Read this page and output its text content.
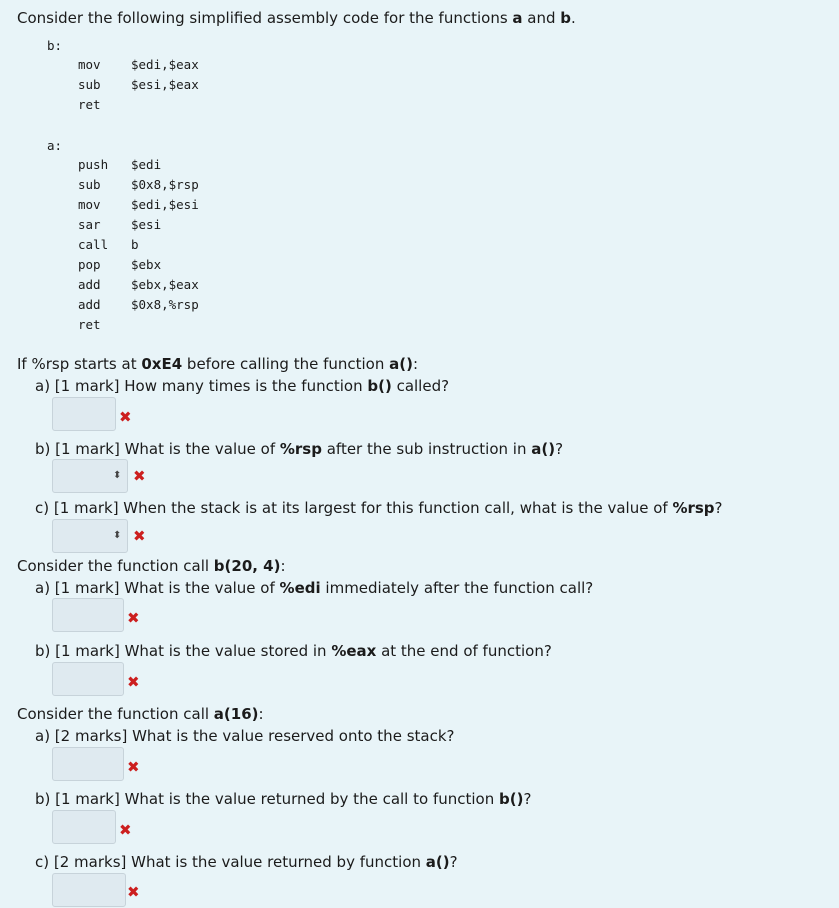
Consider the following simplified assembly code for the functions a and b.
b:
mov $edi,$eax
sub $esi,$eax
ret
a:
push $edi
sub $0x8,$rsp
mov $edi,$esi
sar $esi
call b
pop $ebx
add $ebx,$eax
add $0x8,%rsp
ret
If %rsp starts at 0xE4 before calling the function a():
a) [1 mark] How many times is the function b() called?
✖
b) [1 mark] What is the value of %rsp after the sub instruction in a()?
⬍ ✖
c) [1 mark] When the stack is at its largest for this function call, what is the value of %rsp?
⬍ ✖
Consider the function call b(20, 4):
a) [1 mark] What is the value of %edi immediately after the function call?
✖
b) [1 mark] What is the value stored in %eax at the end of function?
✖
Consider the function call a(16):
a) [2 marks] What is the value reserved onto the stack?
✖
b) [1 mark] What is the value returned by the call to function b()?
✖
c) [2 marks] What is the value returned by function a()?
✖
